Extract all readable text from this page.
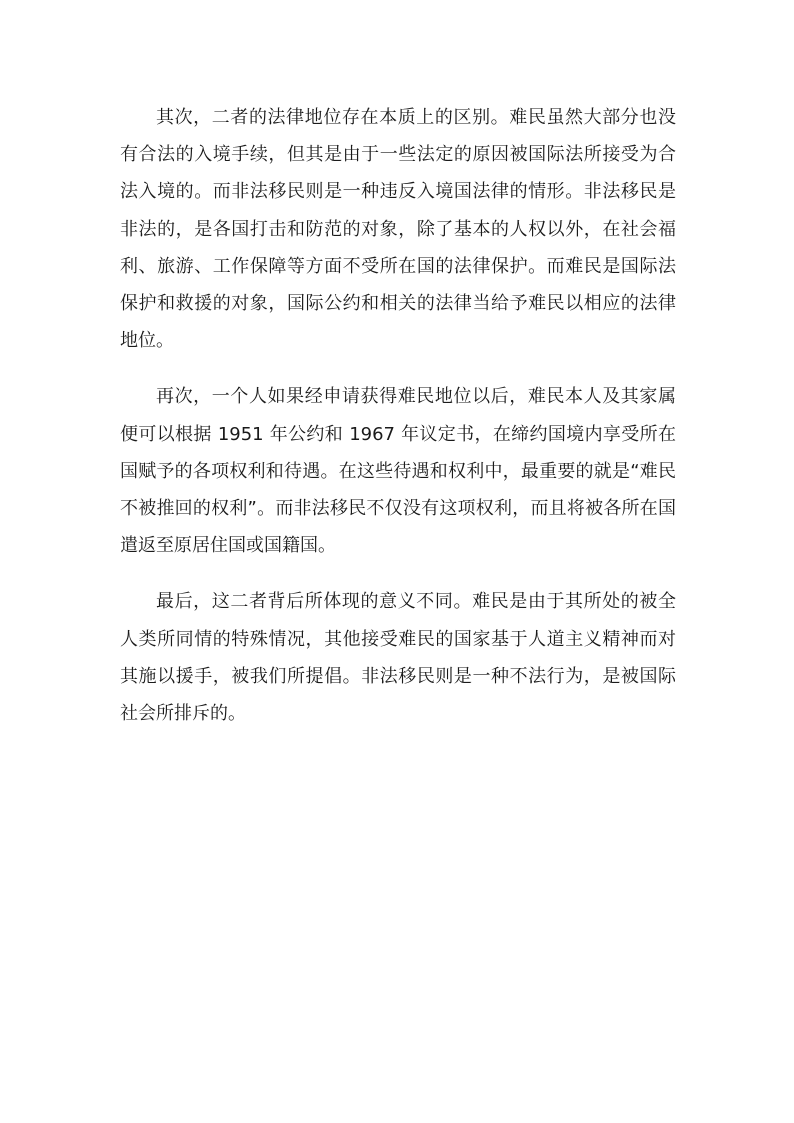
其次，二者的法律地位存在本质上的区别。难民虽然大部分也没有合法的入境手续，但其是由于一些法定的原因被国际法所接受为合法入境的。而非法移民则是一种违反入境国法律的情形。非法移民是非法的，是各国打击和防范的对象，除了基本的人权以外，在社会福利、旅游、工作保障等方面不受所在国的法律保护。而难民是国际法保护和救援的对象，国际公约和相关的法律当给予难民以相应的法律地位。

再次，一个人如果经申请获得难民地位以后，难民本人及其家属便可以根据 1951 年公约和 1967 年议定书，在缔约国境内享受所在国赋予的各项权利和待遇。在这些待遇和权利中，最重要的就是“难民不被推回的权利”。而非法移民不仅没有这项权利，而且将被各所在国遣返至原居住国或国籍国。

最后，这二者背后所体现的意义不同。难民是由于其所处的被全人类所同情的特殊情况，其他接受难民的国家基于人道主义精神而对其施以援手，被我们所提倡。非法移民则是一种不法行为，是被国际社会所排斥的。
